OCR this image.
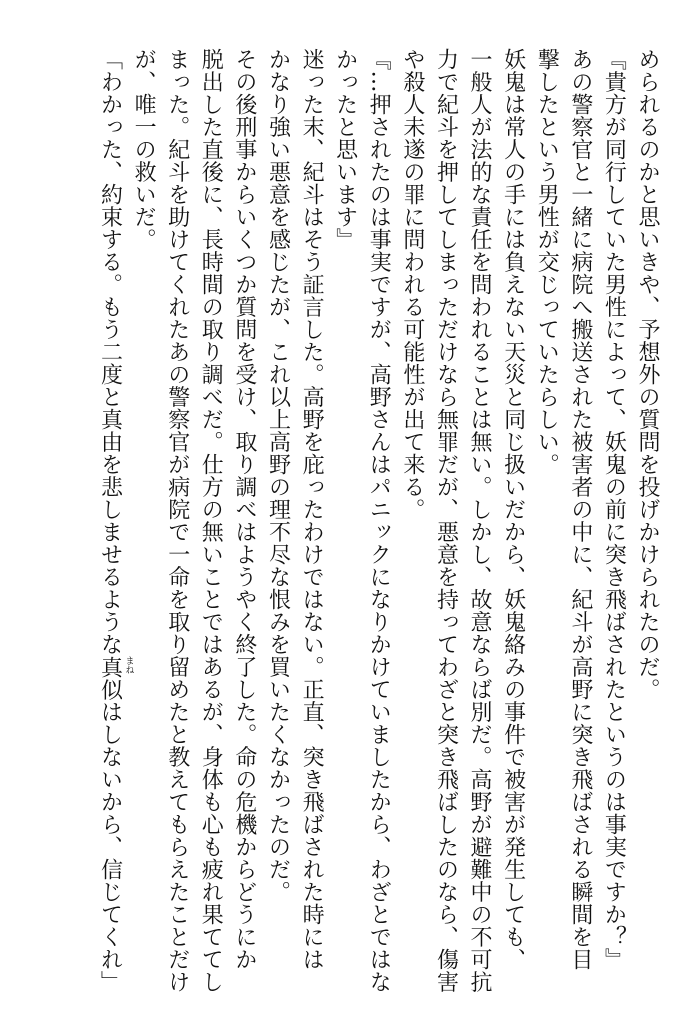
められるのかと思いきや、予想外の質問を投げかけられたのだ。
『貴方が同行していた男性によって、妖鬼の前に突き飛ばされたというのは事実ですか？』
あの警察官と一緒に病院へ搬送された被害者の中に、紀斗が高野に突き飛ばされる瞬間を目
撃したという男性が交じっていたらしい。
妖鬼は常人の手には負えない天災と同じ扱いだから、妖鬼絡みの事件で被害が発生しても、
一般人が法的な責任を問われることは無い。しかし、故意ならば別だ。高野が避難中の不可抗
力で紀斗を押してしまっただけなら無罪だが、悪意を持ってわざと突き飛ばしたのなら、傷害
や殺人未遂の罪に問われる可能性が出て来る。
『…押されたのは事実ですが、高野さんはパニックになりかけていましたから、わざとではな
かったと思います』
迷った末、紀斗はそう証言した。高野を庇ったわけではない。正直、突き飛ばされた時には
かなり強い悪意を感じたが、これ以上高野の理不尽な恨みを買いたくなかったのだ。
その後刑事からいくつか質問を受け、取り調べはようやく終了した。命の危機からどうにか
脱出した直後に、長時間の取り調べだ。仕方の無いことではあるが、身体も心も疲れ果ててし
まった。紀斗を助けてくれたあの警察官が病院で一命を取り留めたと教えてもらえたことだけ
が、唯一の救いだ。
「わかった、約束する。もう二度と真由を悲しませるような真似 まね
はしないから、信じてくれ」
